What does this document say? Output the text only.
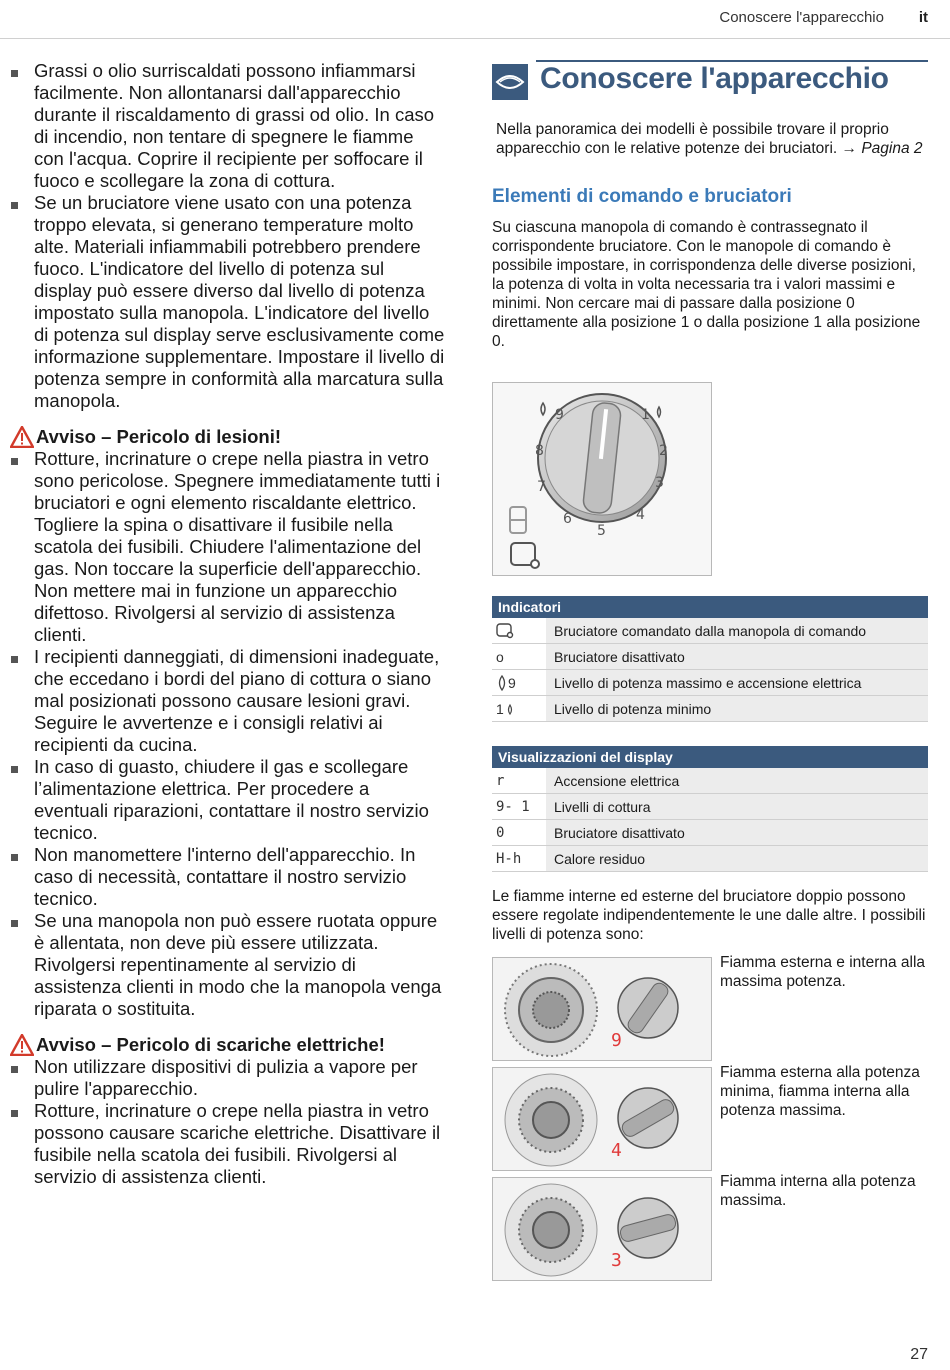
Conoscere l'apparecchio it
Grassi o olio surriscaldati possono infiammarsi facilmente. Non allontanarsi dall'apparecchio durante il riscaldamento di grassi od olio. In caso di incendio, non tentare di spegnere le fiamme con l'acqua. Coprire il recipiente per soffocare il fuoco e scollegare la zona di cottura.
Se un bruciatore viene usato con una potenza troppo elevata, si generano temperature molto alte. Materiali infiammabili potrebbero prendere fuoco. L'indicatore del livello di potenza sul display può essere diverso dal livello di potenza impostato sulla manopola. L'indicatore del livello di potenza sul display serve esclusivamente come informazione supplementare. Impostare il livello di potenza sempre in conformità alla marcatura sulla manopola.
Avviso – Pericolo di lesioni!
Rotture, incrinature o crepe nella piastra in vetro sono pericolose. Spegnere immediatamente tutti i bruciatori e ogni elemento riscaldante elettrico. Togliere la spina o disattivare il fusibile nella scatola dei fusibili. Chiudere l'alimentazione del gas. Non toccare la superficie dell'apparecchio. Non mettere mai in funzione un apparecchio difettoso. Rivolgersi al servizio di assistenza clienti.
I recipienti danneggiati, di dimensioni inadeguate, che eccedano i bordi del piano di cottura o siano mal posizionati possono causare lesioni gravi. Seguire le avvertenze e i consigli relativi ai recipienti da cucina.
In caso di guasto, chiudere il gas e scollegare l’alimentazione elettrica. Per procedere a eventuali riparazioni, contattare il nostro servizio tecnico.
Non manomettere l'interno dell'apparecchio. In caso di necessità, contattare il nostro servizio tecnico.
Se una manopola non può essere ruotata oppure è allentata, non deve più essere utilizzata. Rivolgersi repentinamente al servizio di assistenza clienti in modo che la manopola venga riparata o sostituita.
Avviso – Pericolo di scariche elettriche!
Non utilizzare dispositivi di pulizia a vapore per pulire l'apparecchio.
Rotture, incrinature o crepe nella piastra in vetro possono causare scariche elettriche. Disattivare il fusibile nella scatola dei fusibili. Rivolgersi al servizio di assistenza clienti.
Conoscere l'apparecchio
Nella panoramica dei modelli è possibile trovare il proprio apparecchio con le relative potenze dei bruciatori. → Pagina 2
Elementi di comando e bruciatori
Su ciascuna manopola di comando è contrassegnato il corrispondente bruciatore. Con le manopole di comando è possibile impostare, in corrispondenza delle diverse posizioni, la potenza di volta in volta necessaria tra i valori massimi e minimi. Non cercare mai di passare dalla posizione 0 direttamente alla posizione 1 o dalla posizione 1 alla posizione 0.
9	1
2
3
4
5
6
7
8
Indicatori
Bruciatore comandato dalla manopola di comando
o	Bruciatore disattivato
9	Livello di potenza massimo e accensione elettrica
1	Livello di potenza minimo
Visualizzazioni del display
r	Accensione elettrica
9- 1	Livelli di cottura
0	Bruciatore disattivato
H-h	Calore residuo
Le fiamme interne ed esterne del bruciatore doppio possono essere regolate indipendentemente le une dalle altre. I possibili livelli di potenza sono:
9
Fiamma esterna e interna alla massima potenza.
4
Fiamma esterna alla potenza minima, fiamma interna alla potenza massima.
3
Fiamma interna alla potenza massima.
27
